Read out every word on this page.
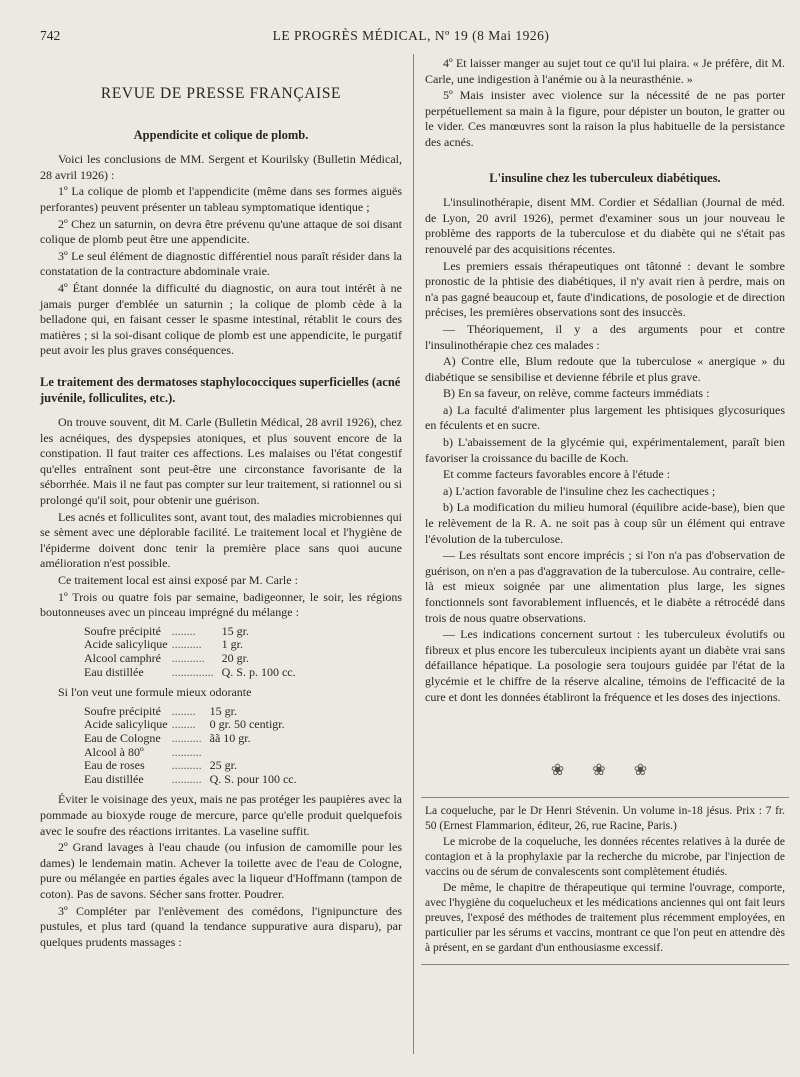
742	LE PROGRÈS MÉDICAL, Nº 19 (8 Mai 1926)
REVUE DE PRESSE FRANÇAISE
Appendicite et colique de plomb.

Voici les conclusions de MM. Sergent et Kourilsky (Bulletin Médical, 28 avril 1926) :

1º La colique de plomb et l'appendicite (même dans ses formes aiguës perforantes) peuvent présenter un tableau symptomatique identique ;

2º Chez un saturnin, on devra être prévenu qu'une attaque de soi disant colique de plomb peut être une appendicite.

3º Le seul élément de diagnostic différentiel nous paraît résider dans la constatation de la contracture abdominale vraie.

4º Étant donnée la difficulté du diagnostic, on aura tout intérêt à ne jamais purger d'emblée un saturnin ; la colique de plomb cède à la belladone qui, en faisant cesser le spasme intestinal, rétablit le cours des matières ; si la soi-disant colique de plomb est une appendicite, le purgatif peut avoir les plus graves conséquences.

Le traitement des dermatoses staphylococciques superficielles (acné juvénile, folliculites, etc.).

On trouve souvent, dit M. Carle (Bulletin Médical, 28 avril 1926), chez les acnéiques, des dyspepsies atoniques, et plus souvent encore de la constipation. Il faut traiter ces affections. Les malaises ou l'état congestif qu'elles entraînent sont peut-être une circonstance favorisante de la séborrhée. Mais il ne faut pas compter sur leur traitement, si rationnel ou si prolongé qu'il soit, pour obtenir une guérison.

Les acnés et folliculites sont, avant tout, des maladies microbiennes qui se sèment avec une déplorable facilité. Le traitement local et l'hygiène de l'épiderme doivent donc tenir la première place sans quoi aucune amélioration n'est possible.

Ce traitement local est ainsi exposé par M. Carle :

1º Trois ou quatre fois par semaine, badigeonner, le soir, les régions boutonneuses avec un pinceau imprégné du mélange :

Soufre précipité	........	15 gr.
Acide salicylique	..........	1 gr.
Alcool camphré	...........	20 gr.
Eau distillée	..............	Q. S. p. 100 cc.

Si l'on veut une formule mieux odorante

Soufre précipité	........	15 gr.
Acide salicylique	........	0 gr. 50 centigr.
Eau de Cologne	..........	ãã 10 gr.
Alcool à 80º	..........	
Eau de roses	..........	25 gr.
Eau distillée	..........	Q. S. pour 100 cc.

Éviter le voisinage des yeux, mais ne pas protéger les paupières avec la pommade au bioxyde rouge de mercure, parce qu'elle produit quelquefois avec le soufre des réactions irritantes. La vaseline suffit.

2º Grand lavages à l'eau chaude (ou infusion de camomille pour les dames) le lendemain matin. Achever la toilette avec de l'eau de Cologne, pure ou mélangée en parties égales avec la liqueur d'Hoffmann (tampon de coton). Pas de savons. Sécher sans frotter. Poudrer.

3º Compléter par l'enlèvement des comédons, l'ignipuncture des pustules, et plus tard (quand la tendance suppurative aura disparu), par quelques prudents massages :

4º Et laisser manger au sujet tout ce qu'il lui plaira. « Je préfère, dit M. Carle, une indigestion à l'anémie ou à la neurasthénie. »

5º Mais insister avec violence sur la nécessité de ne pas porter perpétuellement sa main à la figure, pour dépister un bouton, le gratter ou le vider. Ces manœuvres sont la raison la plus habituelle de la persistance des acnés.

L'insuline chez les tuberculeux diabétiques.

L'insulinothérapie, disent MM. Cordier et Sédallian (Journal de méd. de Lyon, 20 avril 1926), permet d'examiner sous un jour nouveau le problème des rapports de la tuberculose et du diabète qui ne s'était pas renouvelé par des acquisitions récentes.

Les premiers essais thérapeutiques ont tâtonné : devant le sombre pronostic de la phtisie des diabétiques, il n'y avait rien à perdre, mais on n'a pas gagné beaucoup et, faute d'indications, de posologie et de direction précises, les premières observations sont des insuccès.

— Théoriquement, il y a des arguments pour et contre l'insulinothérapie chez ces malades :

A) Contre elle, Blum redoute que la tuberculose « anergique » du diabétique se sensibilise et devienne fébrile et plus grave.

B) En sa faveur, on relève, comme facteurs immédiats :

a) La faculté d'alimenter plus largement les phtisiques glycosuriques en féculents et en sucre.

b) L'abaissement de la glycémie qui, expérimentalement, paraît bien favoriser la croissance du bacille de Koch.

Et comme facteurs favorables encore à l'étude :

a) L'action favorable de l'insuline chez les cachectiques ;

b) La modification du milieu humoral (équilibre acide-base), bien que le relèvement de la R. A. ne soit pas à coup sûr un élément qui entrave l'évolution de la tuberculose.

— Les résultats sont encore imprécis ; si l'on n'a pas d'observation de guérison, on n'en a pas d'aggravation de la tuberculose. Au contraire, celle-là est mieux soignée par une alimentation plus large, les signes fonctionnels sont favorablement influencés, et le diabète a rétrocédé dans trois de nous quatre observations.

— Les indications concernent surtout : les tuberculeux évolutifs ou fibreux et plus encore les tuberculeux incipients ayant un diabète vrai sans défaillance hépatique. La posologie sera toujours guidée par l'état de la glycémie et le chiffre de la réserve alcaline, témoins de l'efficacité de la cure et dont les données établiront la fréquence et les doses des injections.

❀ ❀ ❀

La coqueluche, par le Dr Henri Stévenin. Un volume in-18 jésus. Prix : 7 fr. 50 (Ernest Flammarion, éditeur, 26, rue Racine, Paris.)

Le microbe de la coqueluche, les données récentes relatives à la durée de contagion et à la prophylaxie par la recherche du microbe, par l'injection de vaccins ou de sérum de convalescents sont complètement étudiés.

De même, le chapitre de thérapeutique qui termine l'ouvrage, comporte, avec l'hygiène du coquelucheux et les médications anciennes qui ont fait leurs preuves, l'exposé des méthodes de traitement plus récemment employées, en particulier par les sérums et vaccins, montrant ce que l'on peut en attendre dès à présent, en se gardant d'un enthousiasme excessif.
